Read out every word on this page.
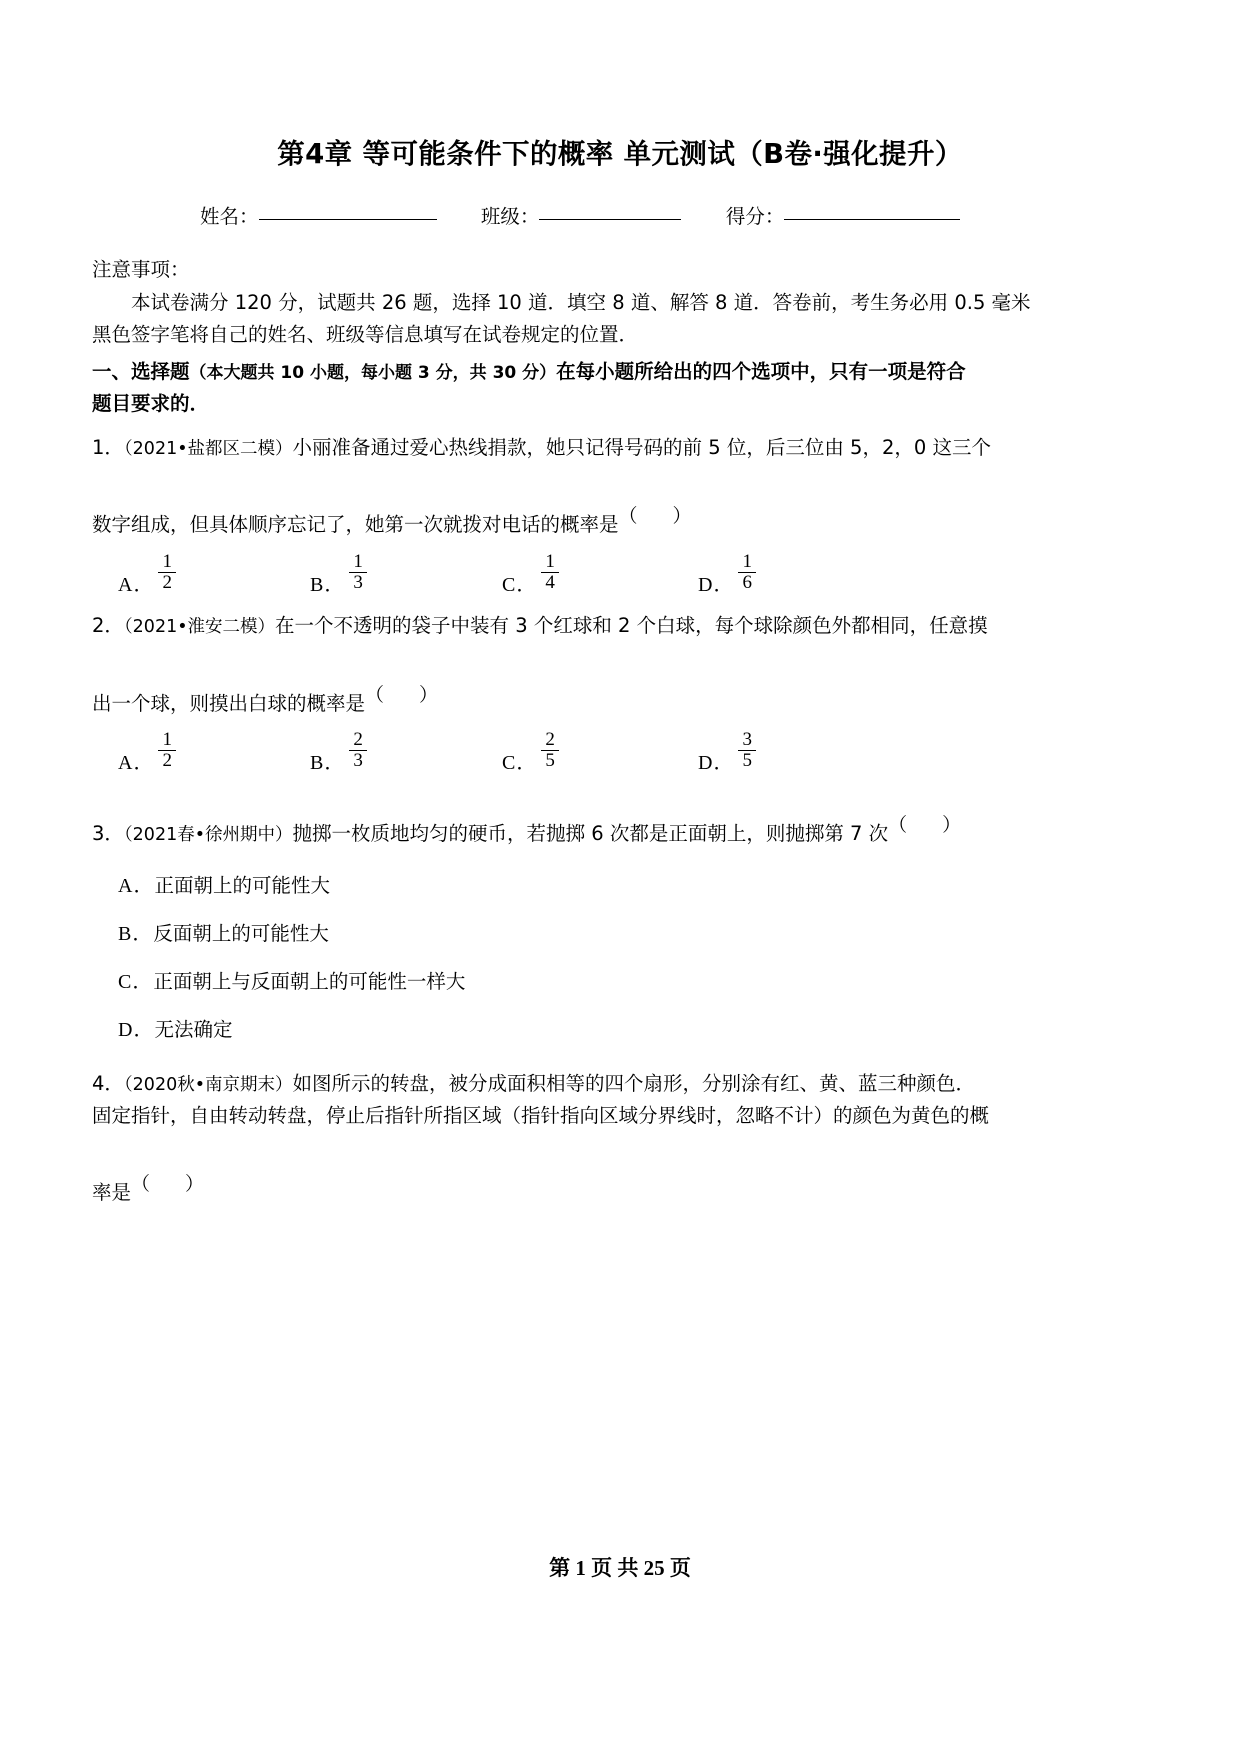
第4章 等可能条件下的概率 单元测试（B卷·强化提升）
姓名：	班级：	得分：
注意事项：
本试卷满分 120 分，试题共 26 题，选择 10 道．填空 8 道、解答 8 道．答卷前，考生务必用 0.5 毫米
黑色签字笔将自己的姓名、班级等信息填写在试卷规定的位置．
一、选择题（本大题共 10 小题，每小题 3 分，共 30 分）在每小题所给出的四个选项中，只有一项是符合
题目要求的．
1．（2021•盐都区二模）小丽准备通过爱心热线捐款，她只记得号码的前 5 位，后三位由 5，2，0 这三个
数字组成，但具体顺序忘记了，她第一次就拨对电话的概率是（ ）
A． $\frac{1}{2}$	B． $\frac{1}{3}$	C． $\frac{1}{4}$	D． $\frac{1}{6}$
2．（2021•淮安二模）在一个不透明的袋子中装有 3 个红球和 2 个白球，每个球除颜色外都相同，任意摸
出一个球，则摸出白球的概率是（ ）
A． $\frac{1}{2}$	B． $\frac{2}{3}$	C． $\frac{2}{5}$	D． $\frac{3}{5}$
3．（2021春•徐州期中）抛掷一枚质地均匀的硬币，若抛掷 6 次都是正面朝上，则抛掷第 7 次（ ）
A．正面朝上的可能性大
B．反面朝上的可能性大
C．正面朝上与反面朝上的可能性一样大
D．无法确定
4．（2020秋•南京期末）如图所示的转盘，被分成面积相等的四个扇形，分别涂有红、黄、蓝三种颜色．
固定指针，自由转动转盘，停止后指针所指区域（指针指向区域分界线时，忽略不计）的颜色为黄色的概
率是（ ）
第 1 页 共 25 页
